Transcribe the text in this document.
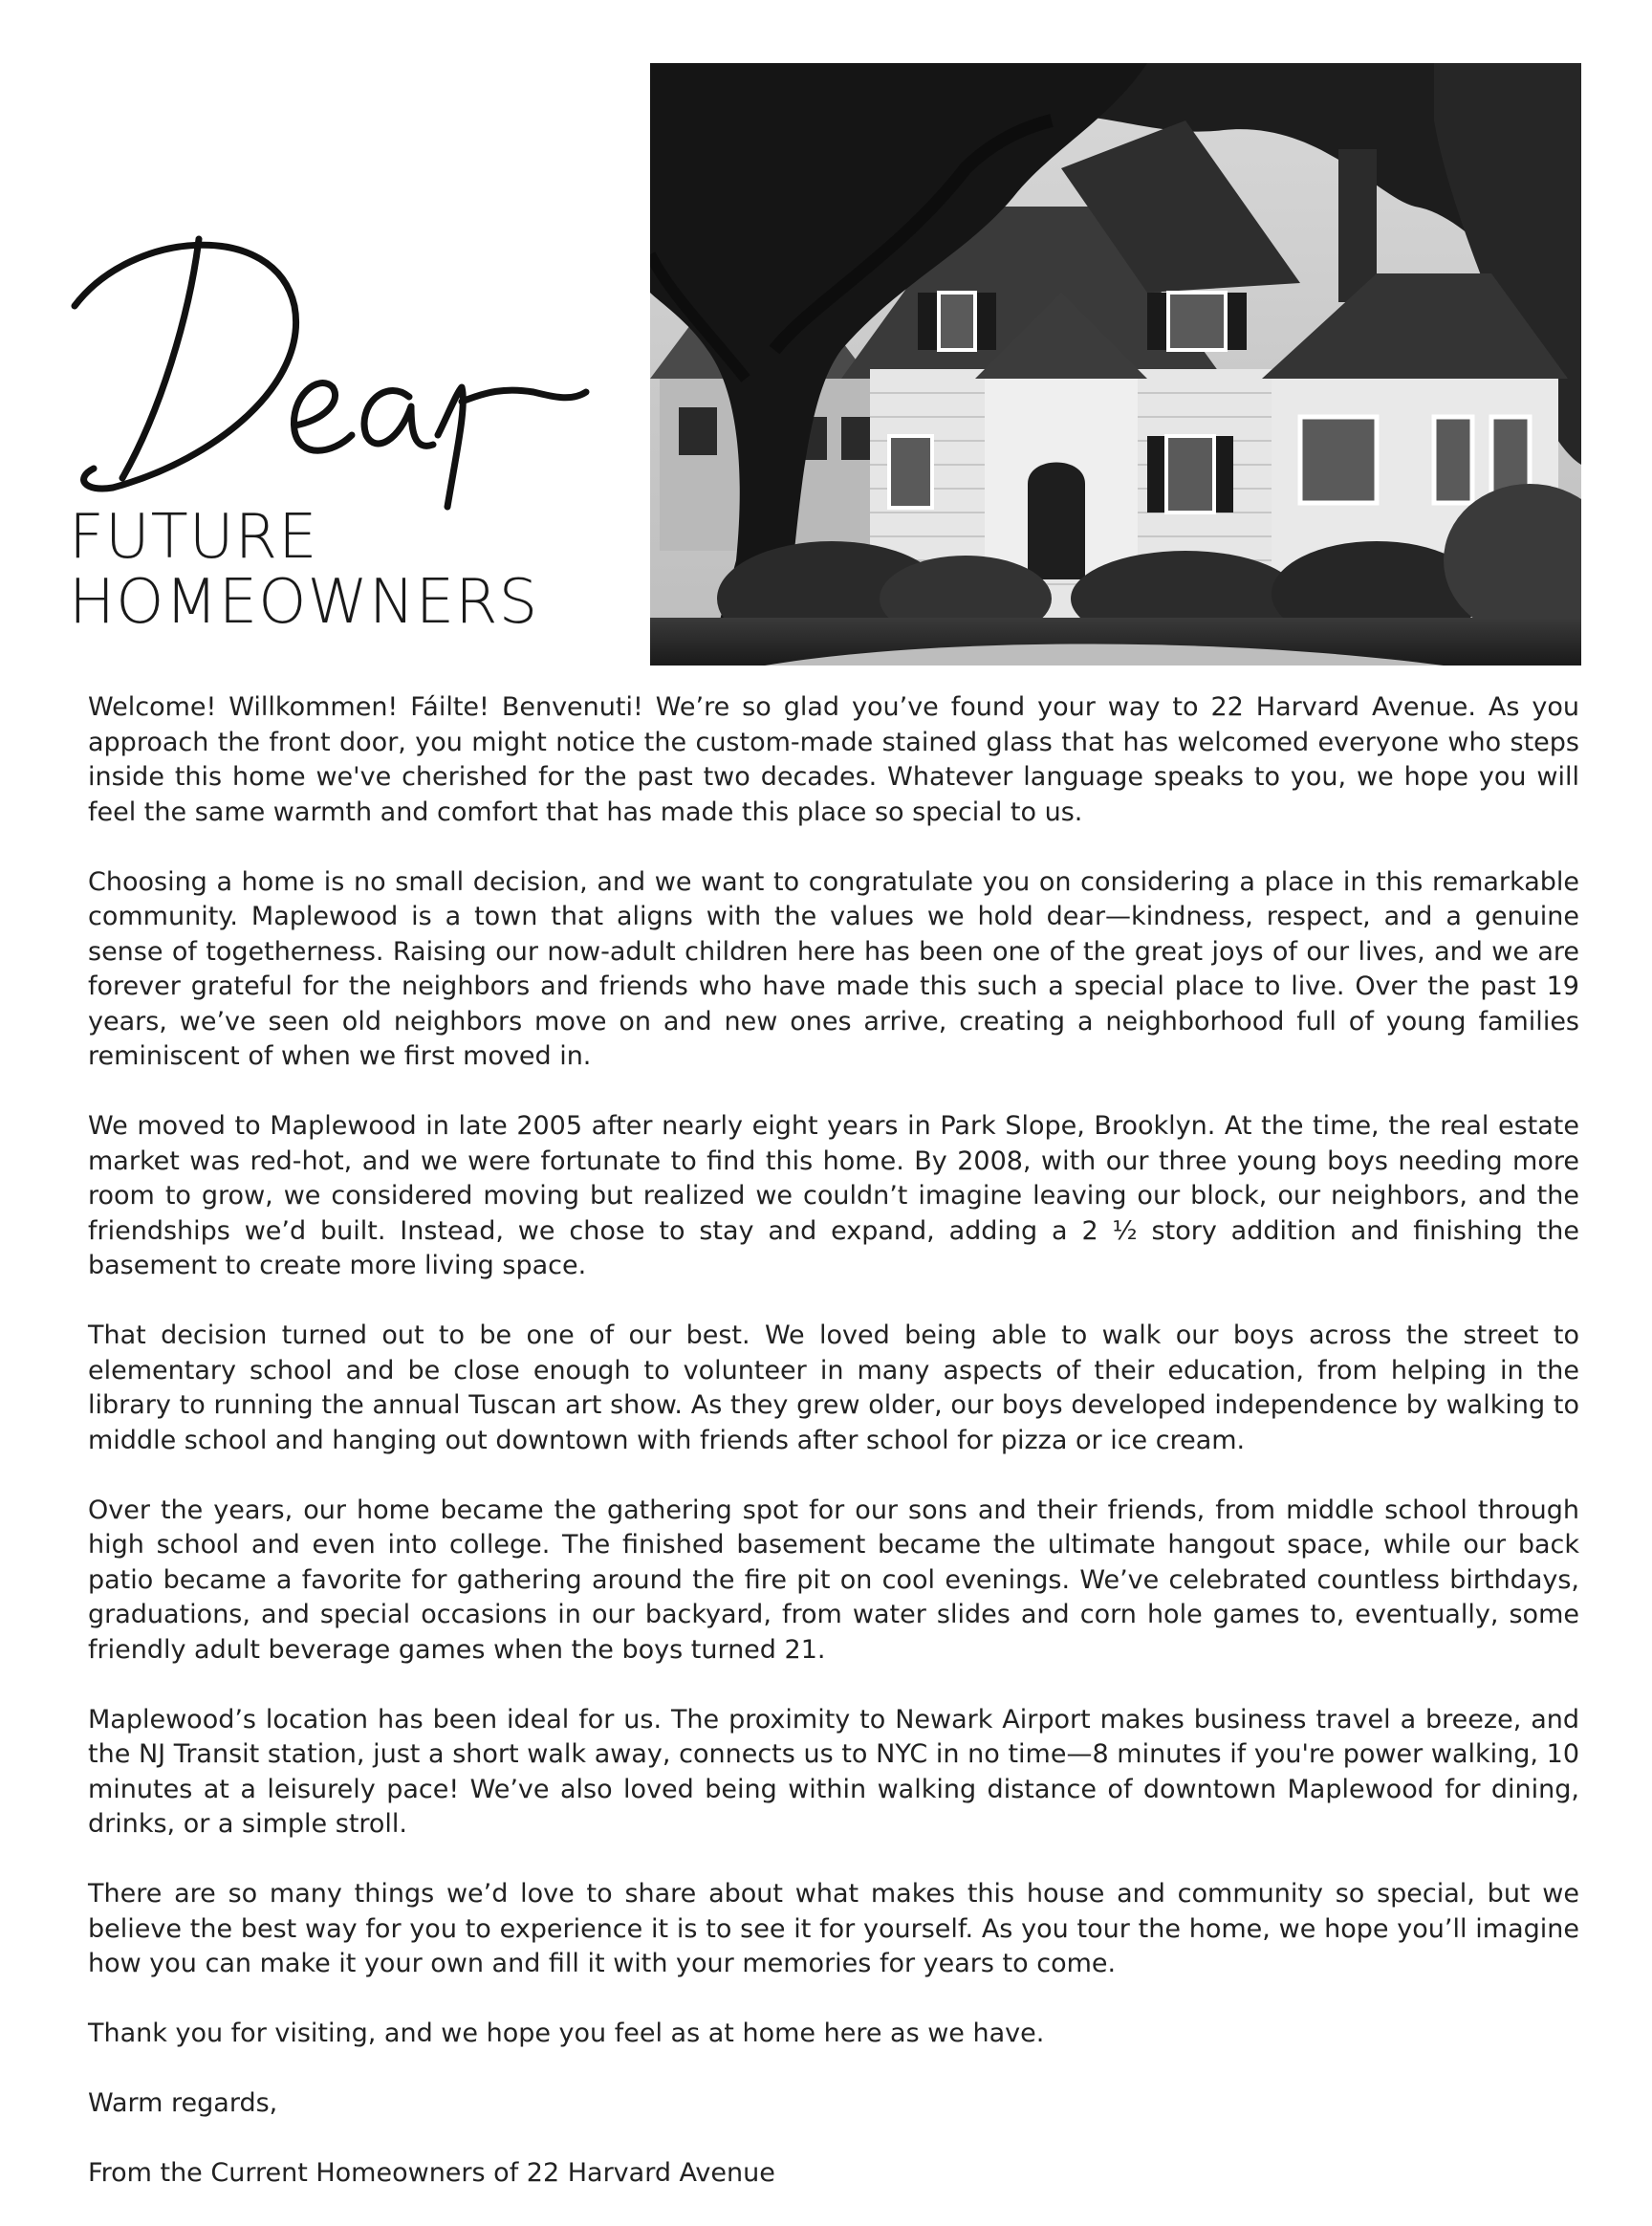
Dear
FUTURE
HOMEOWNERS

Welcome! Willkommen! Fáilte! Benvenuti! We’re so glad you’ve found your way to 22 Harvard Avenue. As you approach the front door, you might notice the custom-made stained glass that has welcomed everyone who steps inside this home we've cherished for the past two decades. Whatever language speaks to you, we hope you will feel the same warmth and comfort that has made this place so special to us.

Choosing a home is no small decision, and we want to congratulate you on considering a place in this remarkable community. Maplewood is a town that aligns with the values we hold dear—kindness, respect, and a genuine sense of togetherness. Raising our now-adult children here has been one of the great joys of our lives, and we are forever grateful for the neighbors and friends who have made this such a special place to live. Over the past 19 years, we’ve seen old neighbors move on and new ones arrive, creating a neighborhood full of young families reminiscent of when we first moved in.

We moved to Maplewood in late 2005 after nearly eight years in Park Slope, Brooklyn. At the time, the real estate market was red-hot, and we were fortunate to find this home. By 2008, with our three young boys needing more room to grow, we considered moving but realized we couldn’t imagine leaving our block, our neighbors, and the friendships we’d built. Instead, we chose to stay and expand, adding a 2 ½ story addition and finishing the basement to create more living space.

That decision turned out to be one of our best. We loved being able to walk our boys across the street to elementary school and be close enough to volunteer in many aspects of their education, from helping in the library to running the annual Tuscan art show. As they grew older, our boys developed independence by walking to middle school and hanging out downtown with friends after school for pizza or ice cream.

Over the years, our home became the gathering spot for our sons and their friends, from middle school through high school and even into college. The finished basement became the ultimate hangout space, while our back patio became a favorite for gathering around the fire pit on cool evenings. We’ve celebrated countless birthdays, graduations, and special occasions in our backyard, from water slides and corn hole games to, eventually, some friendly adult beverage games when the boys turned 21.

Maplewood’s location has been ideal for us. The proximity to Newark Airport makes business travel a breeze, and the NJ Transit station, just a short walk away, connects us to NYC in no time—8 minutes if you're power walking, 10 minutes at a leisurely pace! We’ve also loved being within walking distance of downtown Maplewood for dining, drinks, or a simple stroll.

There are so many things we’d love to share about what makes this house and community so special, but we believe the best way for you to experience it is to see it for yourself. As you tour the home, we hope you’ll imagine how you can make it your own and fill it with your memories for years to come.

Thank you for visiting, and we hope you feel as at home here as we have.

Warm regards,

From the Current Homeowners of 22 Harvard Avenue
